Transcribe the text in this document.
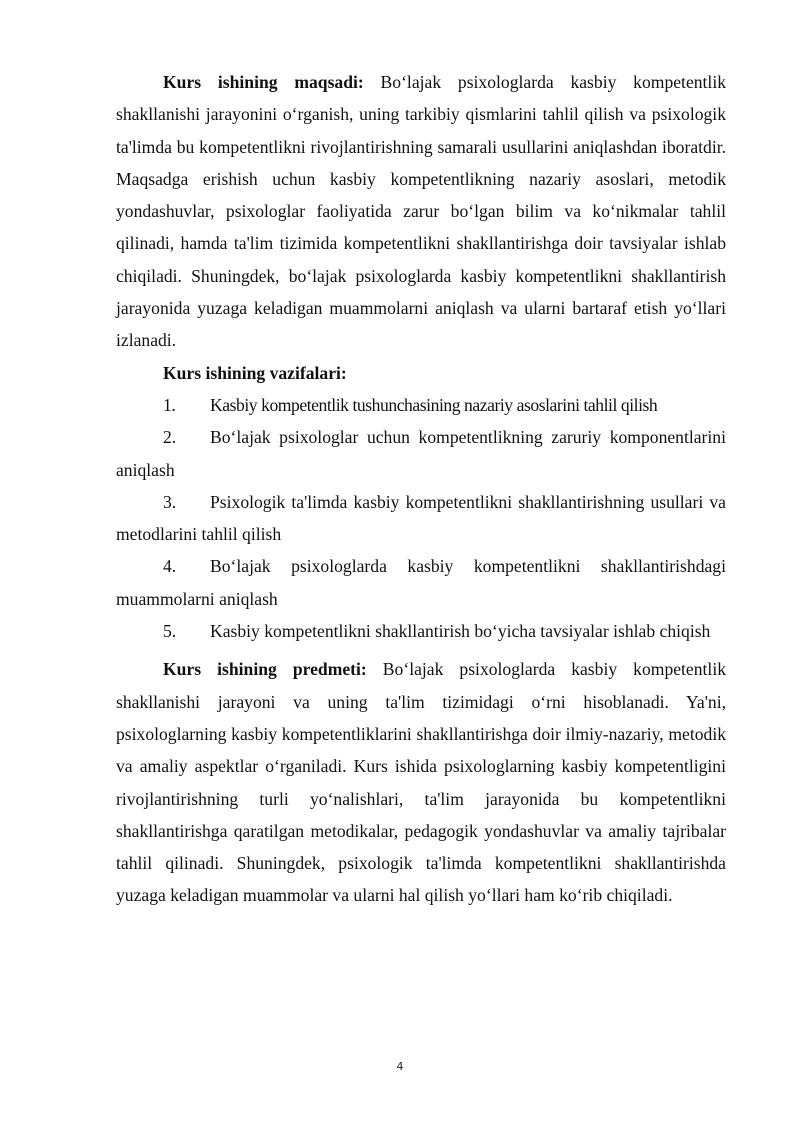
Kurs ishining maqsadi: Bo‘lajak psixologlarda kasbiy kompetentlik shakllanishi jarayonini o‘rganish, uning tarkibiy qismlarini tahlil qilish va psixologik ta'limda bu kompetentlikni rivojlantirishning samarali usullarini aniqlashdan iboratdir. Maqsadga erishish uchun kasbiy kompetentlikning nazariy asoslari, metodik yondashuvlar, psixologlar faoliyatida zarur bo‘lgan bilim va ko‘nikmalar tahlil qilinadi, hamda ta'lim tizimida kompetentlikni shakllantirishga doir tavsiyalar ishlab chiqiladi. Shuningdek, bo‘lajak psixologlarda kasbiy kompetentlikni shakllantirish jarayonida yuzaga keladigan muammolarni aniqlash va ularni bartaraf etish yo‘llari izlanadi.

Kurs ishining vazifalari:

1. Kasbiy kompetentlik tushunchasining nazariy asoslarini tahlil qilish

2. Bo‘lajak psixologlar uchun kompetentlikning zaruriy komponentlarini aniqlash

3. Psixologik ta'limda kasbiy kompetentlikni shakllantirishning usullari va metodlarini tahlil qilish

4. Bo‘lajak psixologlarda kasbiy kompetentlikni shakllantirishdagi muammolarni aniqlash

5. Kasbiy kompetentlikni shakllantirish bo‘yicha tavsiyalar ishlab chiqish

Kurs ishining predmeti: Bo‘lajak psixologlarda kasbiy kompetentlik shakllanishi jarayoni va uning ta'lim tizimidagi o‘rni hisoblanadi. Ya'ni, psixologlarning kasbiy kompetentliklarini shakllantirishga doir ilmiy-nazariy, metodik va amaliy aspektlar o‘rganiladi. Kurs ishida psixologlarning kasbiy kompetentligini rivojlantirishning turli yo‘nalishlari, ta'lim jarayonida bu kompetentlikni shakllantirishga qaratilgan metodikalar, pedagogik yondashuvlar va amaliy tajribalar tahlil qilinadi. Shuningdek, psixologik ta'limda kompetentlikni shakllantirishda yuzaga keladigan muammolar va ularni hal qilish yo‘llari ham ko‘rib chiqiladi.

4
